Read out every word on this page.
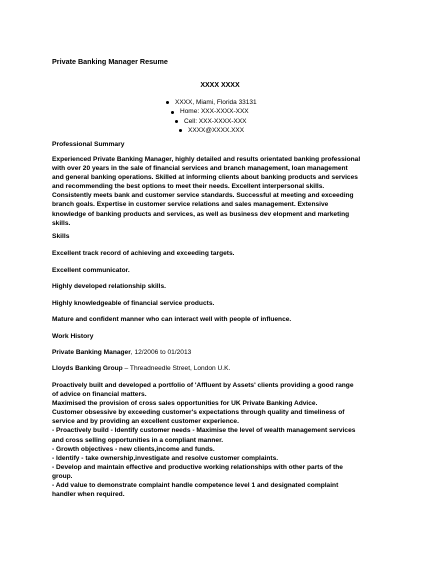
Private Banking Manager Resume
XXXX XXXX
XXXX, Miami, Florida 33131
Home: XXX-XXXX-XXX
Cell: XXX-XXXX-XXX
XXXX@XXXX.XXX
Professional Summary
Experienced Private Banking Manager, highly detailed and results orientated banking professional
with over 20 years in the sale of financial services and branch management, loan management
and general banking operations. Skilled at informing clients about banking products and services
and recommending the best options to meet their needs. Excellent interpersonal skills.
Consistently meets bank and customer service standards. Successful at meeting and exceeding
branch goals. Expertise in customer service relations and sales management. Extensive
knowledge of banking products and services, as well as business dev elopment and marketing
skills.
Skills
Excellent track record of achieving and exceeding targets.
Excellent communicator.
Highly developed relationship skills.
Highly knowledgeable of financial service products.
Mature and confident manner who can interact well with people of influence.
Work History
Private Banking Manager, 12/2006 to 01/2013
Lloyds Banking Group – Threadneedle Street, London U.K.
Proactively built and developed a portfolio of 'Affluent by Assets' clients providing a good range
of advice on financial matters.
Maximised the provision of cross sales opportunities for UK Private Banking Advice.
Customer obsessive by exceeding customer's expectations through quality and timeliness of
service and by providing an excellent customer experience.
- Proactively build - Identify customer needs - Maximise the level of wealth management services
and cross selling opportunities in a compliant manner.
- Growth objectives - new clients,income and funds.
- Identify - take ownership,investigate and resolve customer complaints.
- Develop and maintain effective and productive working relationships with other parts of the
group.
- Add value to demonstrate complaint handle competence level 1 and designated complaint
handler when required.
